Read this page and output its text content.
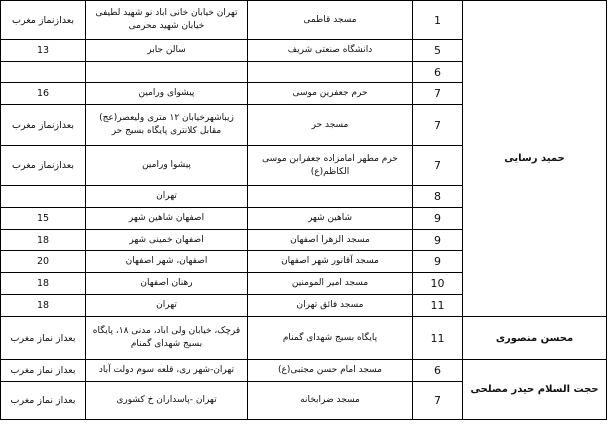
حمید رسایی	1	مسجد قاطمی	تهران خیابان خانی اباد نو شهید لطیفی خیابان شهید محرمی	بعدازنماز مغرب
	5	دانشگاه صنعتی شریف	سالن جابر	13
	6			
	7	حرم جعفرین موسی	پیشوای ورامین	16
	7	مسجد حر	زیباشهرخیابان ۱۲ متری ولیعصر(عج) مقابل کلانتری پایگاه بسیج حر	بعدازنماز مغرب
	7	حرم مطهر امامزاده جعفرابن موسی الکاظم(ع)	پیشوا ورامین	بعدازنماز مغرب
	8		تهران	
	9	شاهین شهر	اصفهان شاهین شهر	15
	9	مسجد الزهرا اصفهان	اصفهان خمینی شهر	18
	9	مسجد آقانور شهر اصفهان	اصفهان، شهر اصفهان	20
	10	مسجد امیر المومنین	رهنان اصفهان	18
	11	مسجد فائق تهران	تهران	18
محسن منصوری	11	پایگاه بسیج شهدای گمنام	قرچک، خیابان ولی اباد، مدنی ۱۸، پایگاه بسیج شهدای گمنام	بعداز نماز مغرب
حجت السلام حیدر مصلحی	6	مسجد امام حسن مجتبی(ع)	تهران-شهر ری، قلعه سوم دولت آباد	بعداز نماز مغرب
	7	مسجد ضرابخانه	تهران -پاسداران خ کشوری	بعداز نماز مغرب
